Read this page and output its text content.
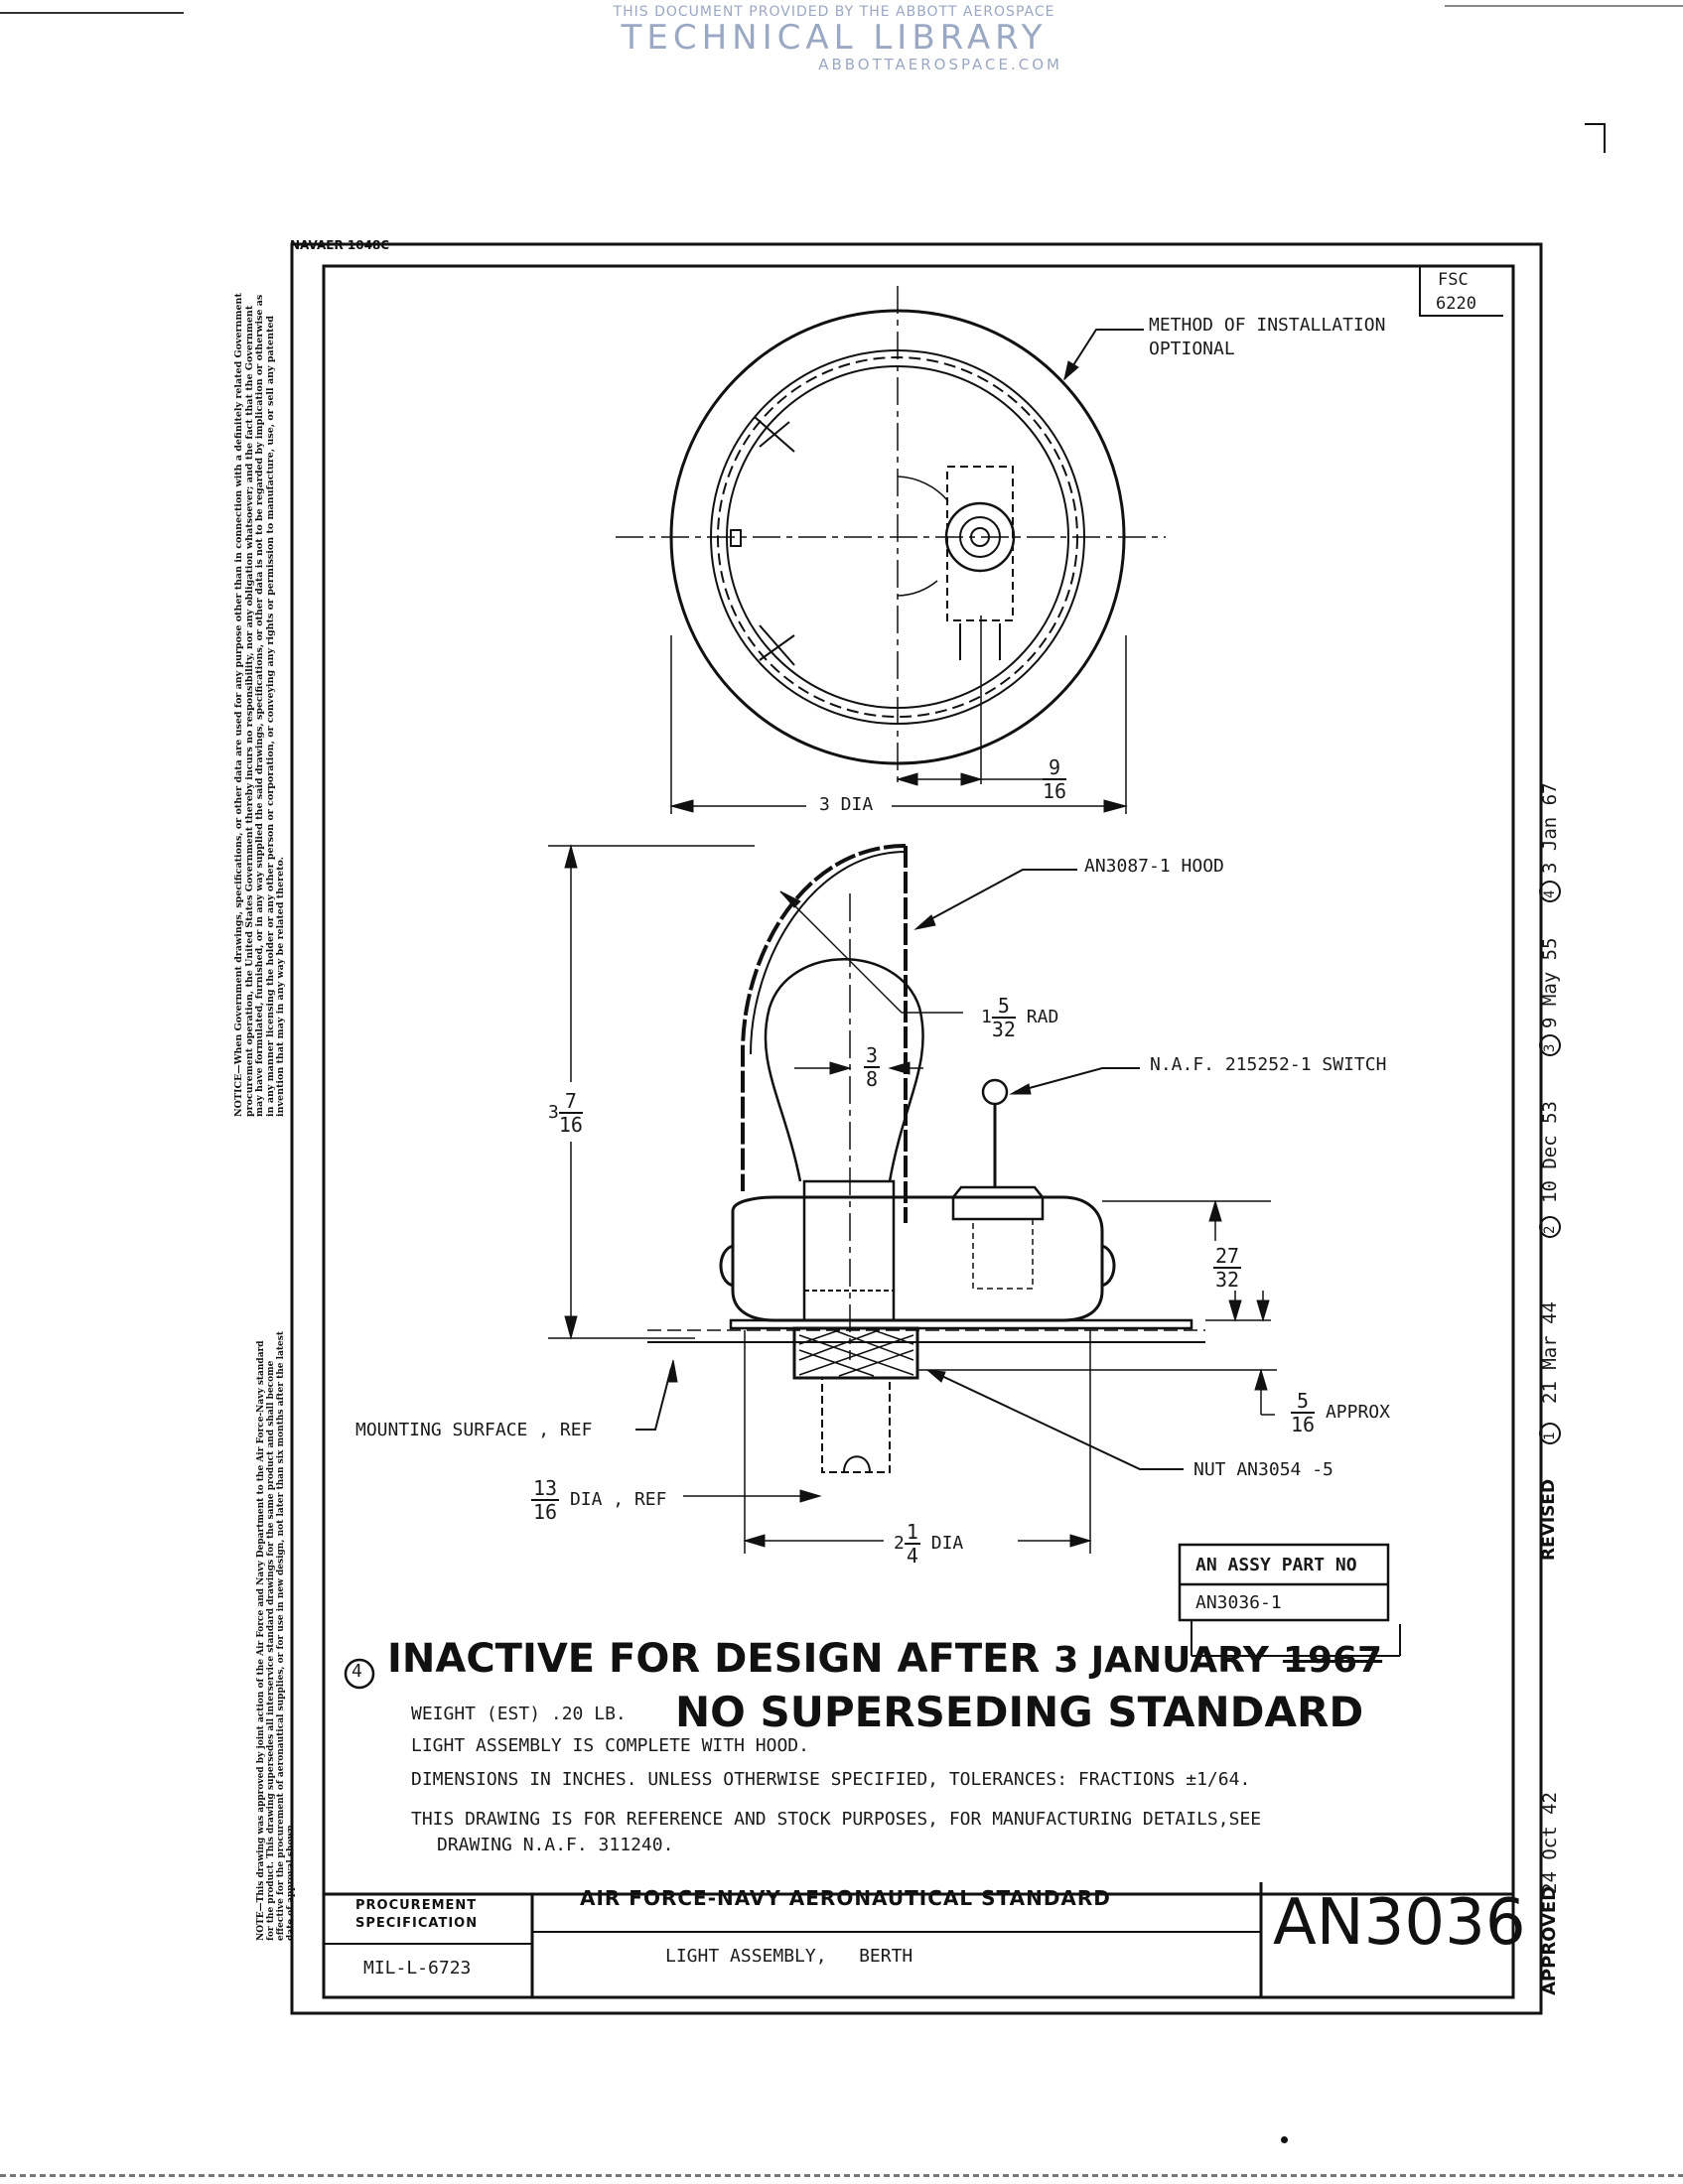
THIS DOCUMENT PROVIDED BY THE ABBOTT AEROSPACE
TECHNICAL LIBRARY
ABBOTTAEROSPACE.COM
NAVAER 1048C
NOTICE—When Government drawings, specifications, or other data are used for any purpose other than in connection with a definitely related Government procurement operation, the United States Government thereby incurs no responsibility, nor any obligation whatsoever; and the fact that the Government may have formulated, furnished, or in any way supplied the said drawings, specifications, or other data is not to be regarded by implication or otherwise as in any manner licensing the holder or any other person or corporation, or conveying any rights or permission to manufacture, use, or sell any patented invention that may in any way be related thereto.
NOTE—This drawing was approved by joint action of the Air Force and Navy Department to the Air Force-Navy standard for the product. This drawing supersedes all interservice standard drawings for the same product and shall become effective for the procurement of aeronautical supplies, or for use in new design, not later than six months after the latest date of approval shown.
FSC
6220
METHOD OF INSTALLATION
OPTIONAL
3 DIA
$\frac{9}{16}$
AN3087-1 HOOD
$1 \frac{5}{32}$ RAD
$\frac{3}{8}$	N.A.F. 215252-1 SWITCH
$3 \frac{7}{16}$
$\frac{27}{32}$
$\frac{5}{16}$ APPROX
MOUNTING SURFACE , REF
NUT AN3054 -5
$\frac{13}{16}$ DIA , REF
$2 \frac{1}{4}$ DIA
AN ASSY PART NO
AN3036-1
4 INACTIVE FOR DESIGN AFTER 3 JANUARY 1967
NO SUPERSEDING STANDARD
WEIGHT (EST) .20 LB.
LIGHT ASSEMBLY IS COMPLETE WITH HOOD.
DIMENSIONS IN INCHES. UNLESS OTHERWISE SPECIFIED, TOLERANCES: FRACTIONS ±1/64.
THIS DRAWING IS FOR REFERENCE AND STOCK PURPOSES, FOR MANUFACTURING DETAILS,SEE
DRAWING N.A.F. 311240.
PROCUREMENT
SPECIFICATION
MIL-L-6723
AIR FORCE-NAVY AERONAUTICAL STANDARD
LIGHT ASSEMBLY,   BERTH	AN3036 APPROVED
24 Oct 42
REVISED
1
21 Mar 44
2
10 Dec 53
3
9 May 55
4
3 Jan 67
